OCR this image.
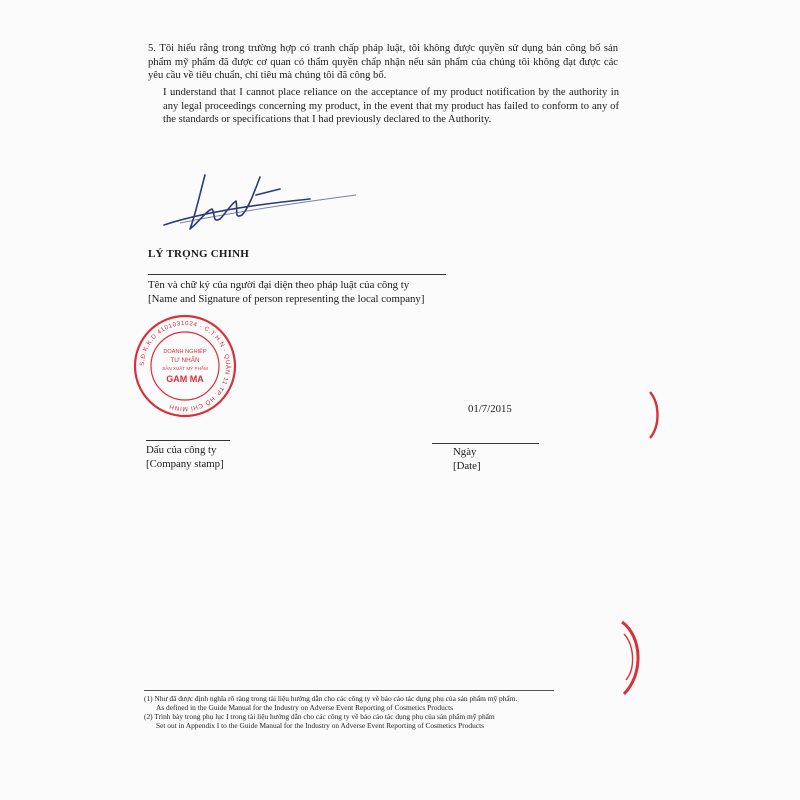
5. Tôi hiểu rằng trong trường hợp có tranh chấp pháp luật, tôi không được quyền sử dụng bản công bố sản phẩm mỹ phẩm đã được cơ quan có thẩm quyền chấp nhận nếu sản phẩm của chúng tôi không đạt được các yêu cầu về tiêu chuẩn, chỉ tiêu mà chúng tôi đã công bố.
I understand that I cannot place reliance on the acceptance of my product notification by the authority in any legal proceedings concerning my product, in the event that my product has failed to conform to any of the standards or specifications that I had previously declared to the Authority.
LÝ TRỌNG CHINH
Tên và chữ ký của người đại diện theo pháp luật của công ty
[Name and Signature of person representing the local company]
S.Đ.K.K.D 4101031024 - C.T.H.N - QUẬN 11 TP. HỒ CHÍ MINH
DOANH NGHIỆP
TƯ NHÂN
SẢN XUẤT MỸ PHẨM
GAM MA
01/7/2015
Dấu của công ty
[Company stamp]
Ngày
[Date]
(1) Như đã được định nghĩa rõ ràng trong tài liệu hướng dẫn cho các công ty về báo cáo tác dụng phụ của sản phẩm mỹ phẩm.
As defined in the Guide Manual for the Industry on Adverse Event Reporting of Cosmetics Products
(2) Trình bày trong phụ lục I trong tài liệu hướng dẫn cho các công ty về báo cáo tác dụng phụ của sản phẩm mỹ phẩm
Set out in Appendix I to the Guide Manual for the Industry on Adverse Event Reporting of Cosmetics Products
